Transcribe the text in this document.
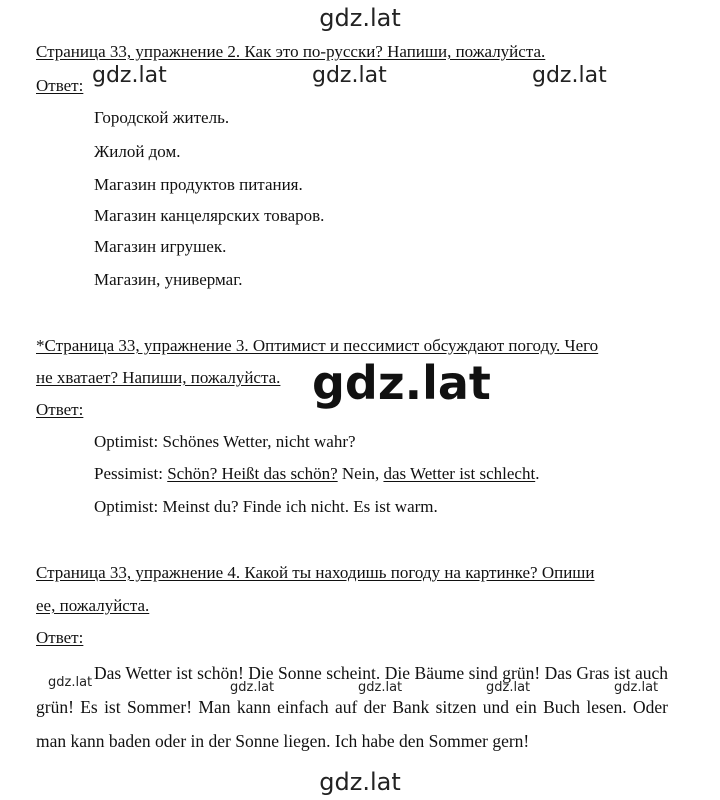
gdz.lat
Страница 33, упражнение 2. Как это по-русски? Напиши, пожалуйста.
Ответ: gdz.lat	gdz.lat	gdz.lat
Городской житель.
Жилой дом.
Магазин продуктов питания.
Магазин канцелярских товаров.
Магазин игрушек.
Магазин, универмаг.
*Страница 33, упражнение 3. Оптимист и пессимист обсуждают погоду. Чего
не хватает? Напиши, пожалуйста. gdz.lat
Ответ:
Optimist: Schönes Wetter, nicht wahr?
Pessimist: Schön? Heißt das schön? Nein, das Wetter ist schlecht.
Optimist: Meinst du? Finde ich nicht. Es ist warm.
Страница 33, упражнение 4. Какой ты находишь погоду на картинке? Опиши
ее, пожалуйста.
Ответ:
Das Wetter ist schön! Die Sonne scheint. Die Bäume sind grün! Das Gras ist auch grün! Es ist Sommer! Man kann einfach auf der Bank sitzen und ein Buch lesen. Oder man kann baden oder in der Sonne liegen. Ich habe den Sommer gern!
gdz.lat	gdz.lat	gdz.lat	gdz.lat	gdz.lat
gdz.lat
